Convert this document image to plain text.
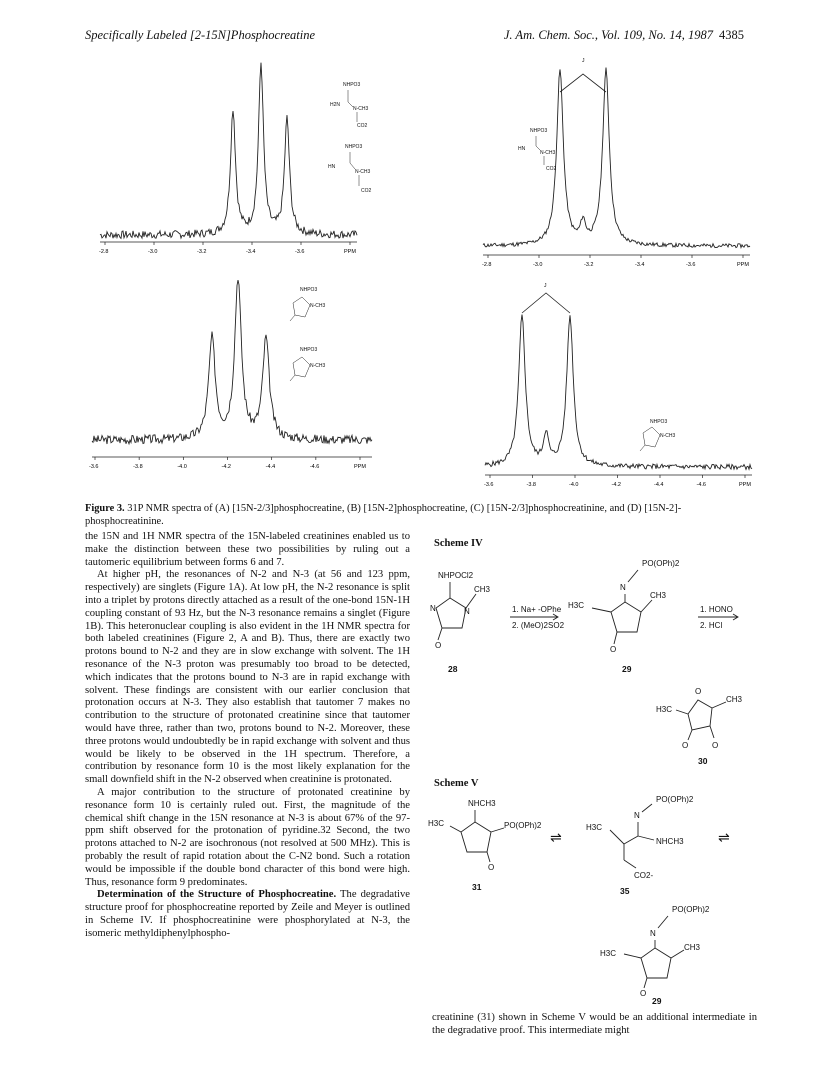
Specifically Labeled [2-15N]Phosphocreatine	J. Am. Chem. Soc., Vol. 109, No. 14, 1987 4385
-2.8	-3.0	-3.2	-3.4	-3.6	PPM
NHPO3
H2N
N-CH3
CO2
NHPO3
HN
N-CH3
CO2
J
-2.8	-3.0	-3.2	-3.4	-3.6	PPM
NHPO3
HN
N-CH3
CO2
-3.6	-3.8	-4.0	-4.2	-4.4	-4.6	PPM
NHPO3
N-CH3
NHPO3
N-CH3
J
-3.6	-3.8	-4.0	-4.2	-4.4	-4.6	PPM
NHPO3
N-CH3
Figure 3. 31P NMR spectra of (A) [15N-2/3]phosphocreatine, (B) [15N-2]phosphocreatine, (C) [15N-2/3]phosphocreatinine, and (D) [15N-2]-phosphocreatinine.

the 15N and 1H NMR spectra of the 15N-labeled creatinines enabled us to make the distinction between these two possibilities by ruling out a tautomeric equilibrium between forms 6 and 7.

At higher pH, the resonances of N-2 and N-3 (at 56 and 123 ppm, respectively) are singlets (Figure 1A). At low pH, the N-2 resonance is split into a triplet by protons directly attached as a result of the one-bond 15N-1H coupling constant of 93 Hz, but the N-3 resonance remains a singlet (Figure 1B). This heteronuclear coupling is also evident in the 1H NMR spectra for both labeled creatinines (Figure 2, A and B). Thus, there are exactly two protons bound to N-2 and they are in slow exchange with solvent. The 1H resonance of the N-3 proton was presumably too broad to be detected, which indicates that the protons bound to N-3 are in rapid exchange with solvent. These findings are consistent with our earlier conclusion that protonation occurs at N-3. They also establish that tautomer 7 makes no contribution to the structure of protonated creatinine since that tautomer would have three, rather than two, protons bound to N-2. Moreover, these three protons would undoubtedly be in rapid exchange with solvent and thus would be likely to be observed in the 1H spectrum. Therefore, a contribution by resonance form 10 is the most likely explanation for the small downfield shift in the N-2 observed when creatinine is protonated.

A major contribution to the structure of protonated creatinine by resonance form 10 is certainly ruled out. First, the magnitude of the chemical shift change in the 15N resonance at N-3 is about 67% of the 97-ppm shift observed for the protonation of pyridine.32 Second, the two protons attached to N-2 are isochronous (not resolved at 500 MHz). This is probably the result of rapid rotation about the C-N2 bond. Such a rotation would be impossible if the double bond character of this bond were high. Thus, resonance form 9 predominates.

Determination of the Structure of Phosphocreatine. The degradative structure proof for phosphocreatine reported by Zeile and Meyer is outlined in Scheme IV. If phosphocreatinine were phosphorylated at N-3, the isomeric methyldiphenylphospho-

Scheme IV
NHPOCl2
CH3
N	N
O
28
1. Na+ -OPhe
2. (MeO)2SO2
PO(OPh)2
N
H3C
CH3
O
29
1. HONO
2. HCl
H3C
O
CH3
O	O
30
Scheme V
NHCH3
PO(OPh)2
H3C
O
31
⇌
PO(OPh)2
N
NHCH3
H3C
CO2-
35
⇌
PO(OPh)2
N
H3C
CH3
O
29
creatinine (31) shown in Scheme V would be an additional intermediate in the degradative proof. This intermediate might
